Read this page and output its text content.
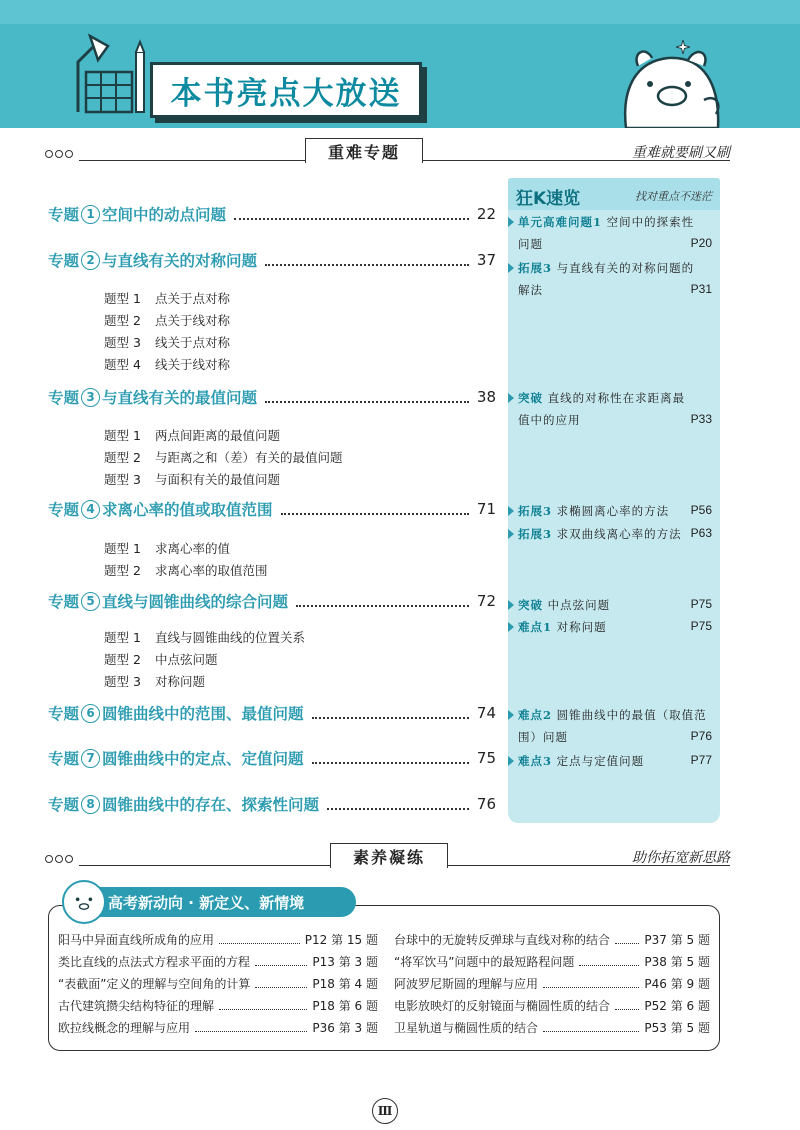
本书亮点大放送
重难专题	重难就要刷又刷
专题 1 空间中的动点问题	22
专题 2 与直线有关的对称问题	37
题型 1 点关于点对称
题型 2 点关于线对称
题型 3 线关于点对称
题型 4 线关于线对称
专题 3 与直线有关的最值问题	38
题型 1 两点间距离的最值问题
题型 2 与距离之和（差）有关的最值问题
题型 3 与面积有关的最值问题
专题 4 求离心率的值或取值范围	71
题型 1 求离心率的值
题型 2 求离心率的取值范围
专题 5 直线与圆锥曲线的综合问题	72
题型 1 直线与圆锥曲线的位置关系
题型 2 中点弦问题
题型 3 对称问题
专题 6 圆锥曲线中的范围、最值问题	74
专题 7 圆锥曲线中的定点、定值问题	75
专题 8 圆锥曲线中的存在、探索性问题	76
狂K速览	找对重点不迷茫
单元高难问题1 空间中的探索性
问题	P20
拓展3 与直线有关的对称问题的
解法	P31
突破 直线的对称性在求距离最
值中的应用	P33
拓展3 求椭圆离心率的方法 P56
拓展3 求双曲线离心率的方法 P63
突破 中点弦问题	P75
难点1 对称问题	P75
难点2 圆锥曲线中的最值（取值范
围）问题	P76
难点3 定点与定值问题	P77
素养凝练	助你拓宽新思路
高考新动向 · 新定义、新情境
阳马中异面直线所成角的应用	P12 第 15 题
类比直线的点法式方程求平面的方程	P13 第 3 题
“表截面”定义的理解与空间角的计算	P18 第 4 题
古代建筑攒尖结构特征的理解	P18 第 6 题
欧拉线概念的理解与应用	P36 第 3 题
台球中的无旋转反弹球与直线对称的结合	P37 第 5 题
“将军饮马”问题中的最短路程问题	P38 第 5 题
阿波罗尼斯圆的理解与应用	P46 第 9 题
电影放映灯的反射镜面与椭圆性质的结合	P52 第 6 题
卫星轨道与椭圆性质的结合	P53 第 5 题
Ⅲ
